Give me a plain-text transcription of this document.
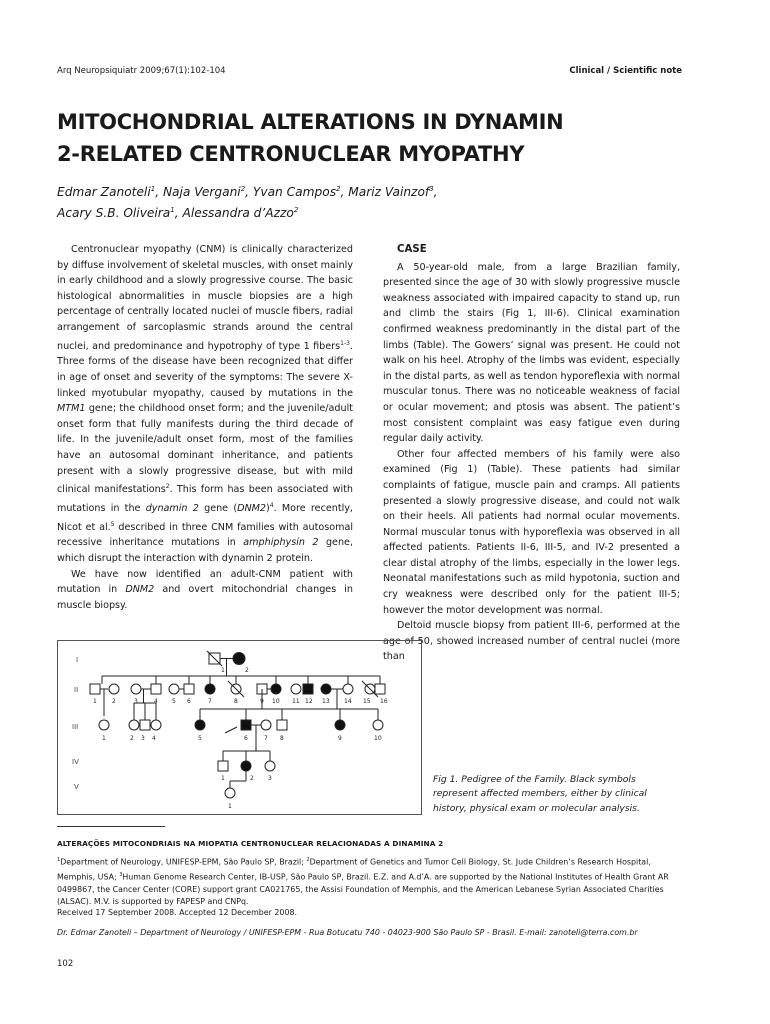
Arq Neuropsiquiatr 2009;67(1):102-104	Clinical / Scientific note
MITOCHONDRIAL ALTERATIONS IN DYNAMIN
2-RELATED CENTRONUCLEAR MYOPATHY
Edmar Zanoteli$^1$, Naja Vergani$^2$, Yvan Campos$^2$, Mariz Vainzof$^3$,
Acary S.B. Oliveira$^1$, Alessandra d’Azzo$^2$

Centronuclear myopathy (CNM) is clinically characterized by diffuse involvement of skeletal muscles, with onset mainly in early childhood and a slowly progressive course. The basic histological abnormalities in muscle biopsies are a high percentage of centrally located nuclei of muscle fibers, radial arrangement of sarcoplasmic strands around the central nuclei, and predominance and hypotrophy of type 1 fibers$^{1-3}$. Three forms of the disease have been recognized that differ in age of onset and severity of the symptoms: The severe X-linked myotubular myopathy, caused by mutations in the MTM1 gene; the childhood onset form; and the juvenile/adult onset form that fully manifests during the third decade of life. In the juvenile/adult onset form, most of the families have an autosomal dominant inheritance, and patients present with a slowly progressive disease, but with mild clinical manifestations$^2$. This form has been associated with mutations in the dynamin 2 gene $(DNM2)^4$. More recently, Nicot et al.$^5$ described in three CNM families with autosomal recessive inheritance mutations in amphiphysin 2 gene, which disrupt the interaction with dynamin 2 protein.

We have now identified an adult-CNM patient with mutation in DNM2 and overt mitochondrial changes in muscle biopsy.

CASE

A 50-year-old male, from a large Brazilian family, presented since the age of 30 with slowly progressive muscle weakness associated with impaired capacity to stand up, run and climb the stairs (Fig 1, III-6). Clinical examination confirmed weakness predominantly in the distal part of the limbs (Table). The Gowers’ signal was present. He could not walk on his heel. Atrophy of the limbs was evident, especially in the distal parts, as well as tendon hyporeflexia with normal muscular tonus. There was no noticeable weakness of facial or ocular movement; and ptosis was absent. The patient’s most consistent complaint was easy fatigue even during regular daily activity.

Other four affected members of his family were also examined (Fig 1) (Table). These patients had similar complaints of fatigue, muscle pain and cramps. All patients presented a slowly progressive disease, and could not walk on their heels. All patients had normal ocular movements. Normal muscular tonus with hyporeflexia was observed in all affected patients. Patients II-6, III-5, and IV-2 presented a clear distal atrophy of the limbs, especially in the lower legs. Neonatal manifestations such as mild hypotonia, suction and cry weakness were described only for the patient III-5; however the motor development was normal.

Deltoid muscle biopsy from patient III-6, performed at the age of 50, showed increased number of central nuclei (more than

I
II
III
IV
V
1	2
1	2	3	4 5 6	7	8	9 10 11 12 13 14 15 16
1	2 3 4	5	6	7 8	9	10
1	2 3
1
Fig 1. Pedigree of the Family. Black symbols represent affected members, either by clinical history, physical exam or molecular analysis.
ALTERAÇÕES MITOCONDRIAIS NA MIOPATIA CENTRONUCLEAR RELACIONADAS A DINAMINA 2
$^1$Department of Neurology, UNIFESP-EPM, São Paulo SP, Brazil; $^2$Department of Genetics and Tumor Cell Biology, St. Jude Children’s Research Hospital, Memphis, USA; $^3$Human Genome Research Center, IB-USP, São Paulo SP, Brazil. E.Z. and A.d’A. are supported by the National Institutes of Health Grant AR 0499867, the Cancer Center (CORE) support grant CA021765, the Assisi Foundation of Memphis, and the American Lebanese Syrian Associated Charities (ALSAC). M.V. is supported by FAPESP and CNPq.
Received 17 September 2008. Accepted 12 December 2008.
Dr. Edmar Zanoteli – Department of Neurology / UNIFESP-EPM - Rua Botucatu 740 - 04023-900 São Paulo SP - Brasil. E-mail: zanoteli@terra.com.br
102
